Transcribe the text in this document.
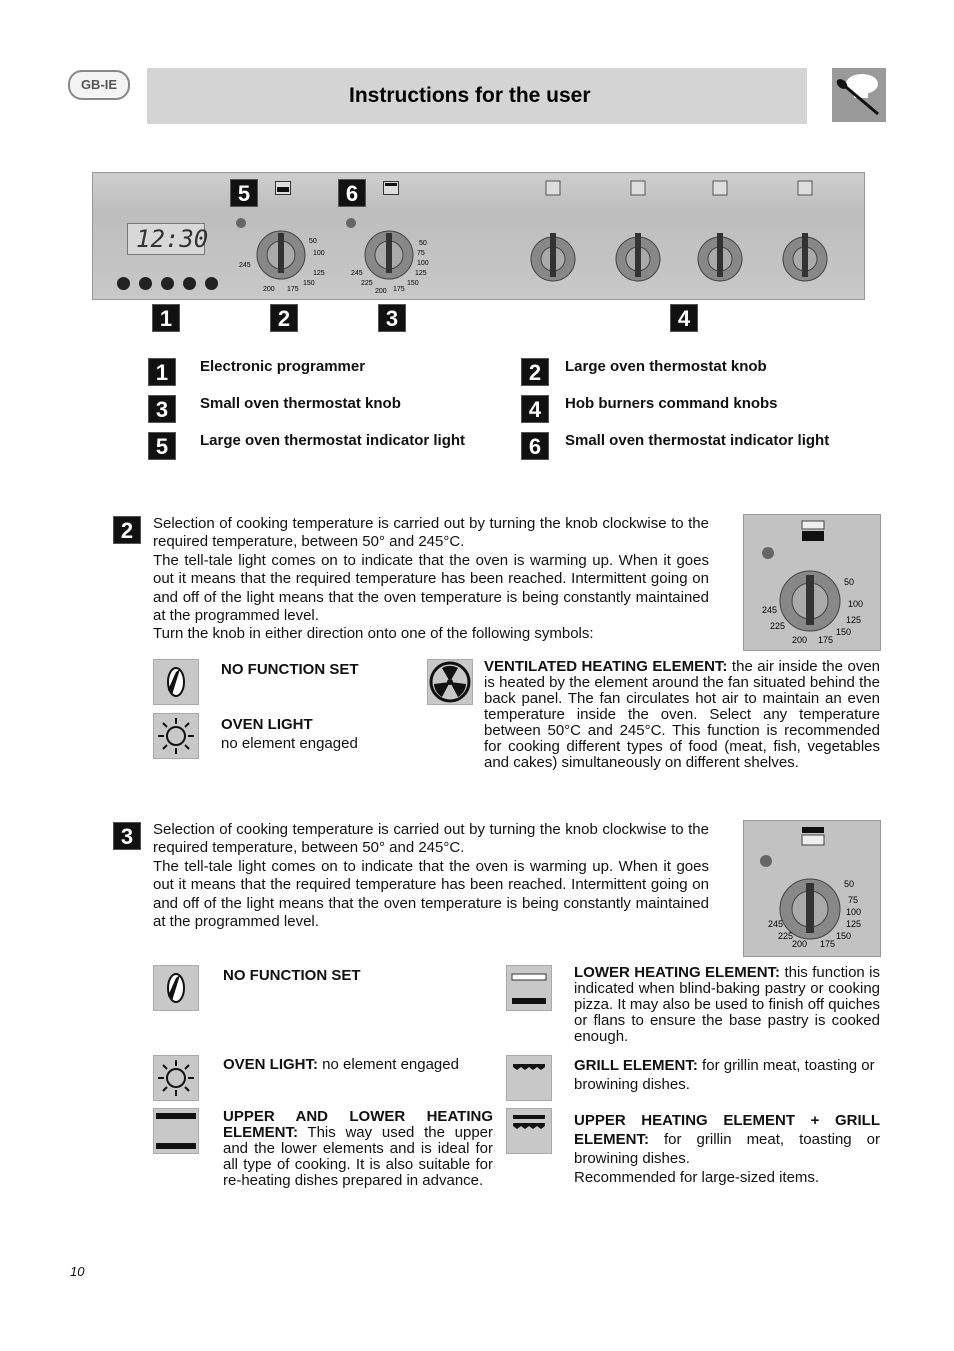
GB-IE	Instructions for the user
12:30	50
100
125
150
175
200
245
50
75
100
125
150
175
200
225
245
5	6
1	2	3	4
1	Electronic programmer	2	Large oven thermostat knob
3	Small oven thermostat knob	4	Hob burners command knobs
5	Large oven thermostat indicator light	6	Small oven thermostat indicator light
2	Selection of cooking temperature is carried out by turning the knob clockwise to the required temperature, between 50° and 245°C.

The tell-tale light comes on to indicate that the oven is warming up. When it goes out it means that the required temperature has been reached. Intermittent going on and off of the light means that the oven temperature is being constantly maintained at the programmed level.

Turn the knob in either direction onto one of the following symbols:

50
100
125
150
175
200
225
245
NO FUNCTION SET
OVEN LIGHT
no element engaged
VENTILATED HEATING ELEMENT: the air inside the oven is heated by the element around the fan situated behind the back panel. The fan circulates hot air to maintain an even temperature inside the oven. Select any temperature between 50°C and 245°C. This function is recommended for cooking different types of food (meat, fish, vegetables and cakes) simultaneously on different shelves.
3	Selection of cooking temperature is carried out by turning the knob clockwise to the required temperature, between 50° and 245°C.

The tell-tale light comes on to indicate that the oven is warming up. When it goes out it means that the required temperature has been reached. Intermittent going on and off of the light means that the oven temperature is being constantly maintained at the programmed level.

50
75
100
125
150
175
200
225
245
NO FUNCTION SET
OVEN LIGHT: no element engaged
UPPER AND LOWER HEATING ELEMENT: This way used the upper and the lower elements and is ideal for all type of cooking. It is also suitable for re-heating dishes prepared in advance.
LOWER HEATING ELEMENT: this function is indicated when blind-baking pastry or cooking pizza. It may also be used to finish off quiches or flans to ensure the base pastry is cooked enough.
GRILL ELEMENT: for grillin meat, toasting or browining dishes.
UPPER HEATING ELEMENT + GRILL ELEMENT: for grillin meat, toasting or browining dishes.
Recommended for large-sized items.
10
